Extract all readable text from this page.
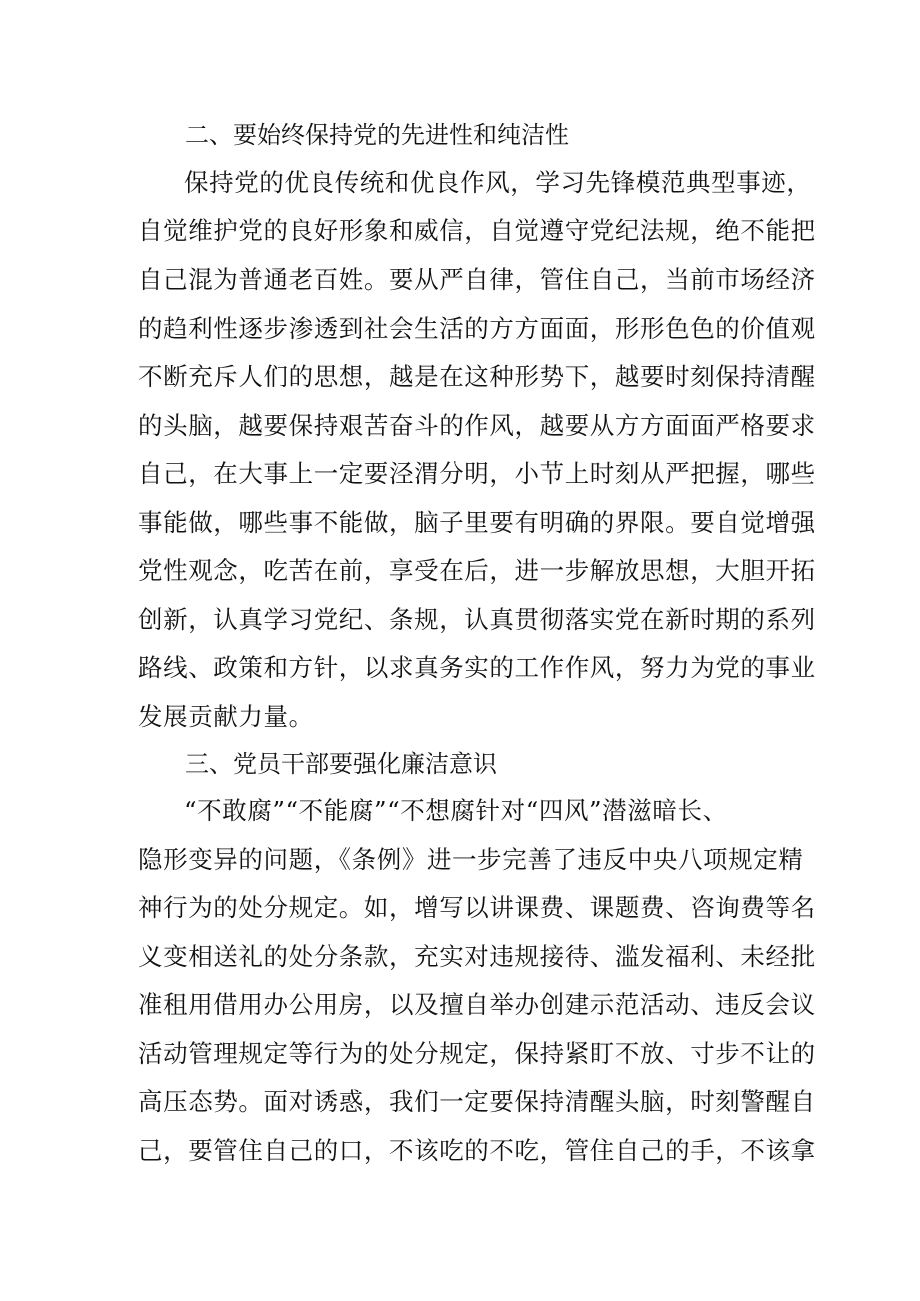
二、要始终保持党的先进性和纯洁性
保持党的优良传统和优良作风，学习先锋模范典型事迹，
自觉维护党的良好形象和威信，自觉遵守党纪法规，绝不能把
自己混为普通老百姓。要从严自律，管住自己，当前市场经济
的趋利性逐步渗透到社会生活的方方面面，形形色色的价值观
不断充斥人们的思想，越是在这种形势下，越要时刻保持清醒
的头脑，越要保持艰苦奋斗的作风，越要从方方面面严格要求
自己，在大事上一定要泾渭分明，小节上时刻从严把握，哪些
事能做，哪些事不能做，脑子里要有明确的界限。要自觉增强
党性观念，吃苦在前，享受在后，进一步解放思想，大胆开拓
创新，认真学习党纪、条规，认真贯彻落实党在新时期的系列
路线、政策和方针，以求真务实的工作作风，努力为党的事业
发展贡献力量。
三、党员干部要强化廉洁意识
“不敢腐”“不能腐”“不想腐针对“四风”潜滋暗长、
隐形变异的问题，《条例》进一步完善了违反中央八项规定精
神行为的处分规定。如，增写以讲课费、课题费、咨询费等名
义变相送礼的处分条款，充实对违规接待、滥发福利、未经批
准租用借用办公用房，以及擅自举办创建示范活动、违反会议
活动管理规定等行为的处分规定，保持紧盯不放、寸步不让的
高压态势。面对诱惑，我们一定要保持清醒头脑，时刻警醒自
己，要管住自己的口，不该吃的不吃，管住自己的手，不该拿
